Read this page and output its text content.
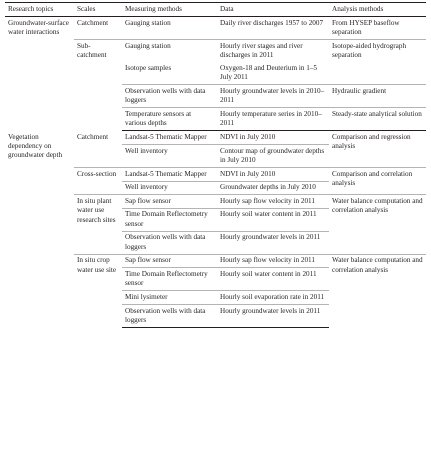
Research topics	Scales	Measuring methods	Data	Analysis methods
Groundwater-surface water interactions	Catchment	Gauging station	Daily river discharges 1957 to 2007	From HYSEP baseflow separation
	Sub-catchment	Gauging station	Hourly river stages and river discharges in 2011	Isotope-aided hydrograph separation
		Isotope samples	Oxygen-18 and Deuterium in 1–5 July 2011	
		Observation wells with data loggers	Hourly groundwater levels in 2010–2011	Hydraulic gradient
		Temperature sensors at various depths	Hourly temperature series in 2010–2011	Steady-state analytical solution
Vegetation dependency on groundwater depth	Catchment	Landsat-5 Thematic Mapper	NDVI in July 2010	Comparison and regression analysis
		Well inventory	Contour map of groundwater depths in July 2010	
	Cross-section	Landsat-5 Thematic Mapper	NDVI in July 2010	Comparison and correlation analysis
		Well inventory	Groundwater depths in July 2010	
	In situ plant water use research sites	Sap flow sensor	Hourly sap flow velocity in 2011	Water balance computation and correlation analysis
		Time Domain Reflectometry sensor	Hourly soil water content in 2011	
		Observation wells with data loggers	Hourly groundwater levels in 2011	
	In situ crop water use site	Sap flow sensor	Hourly sap flow velocity in 2011	Water balance computation and correlation analysis
		Time Domain Reflectometry sensor	Hourly soil water content in 2011	
		Mini lysimeter	Hourly soil evaporation rate in 2011	
		Observation wells with data loggers	Hourly groundwater levels in 2011	
